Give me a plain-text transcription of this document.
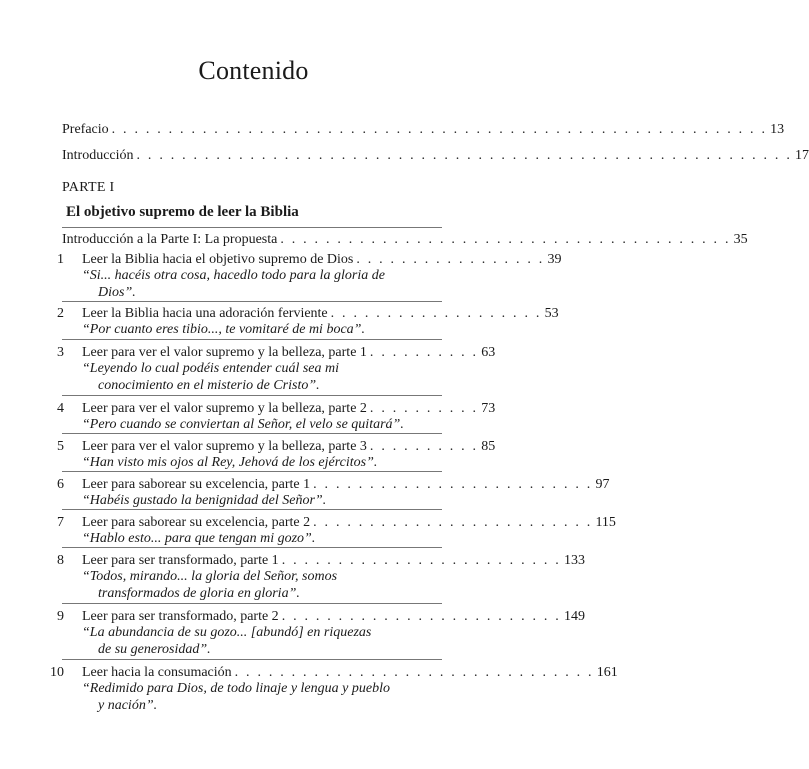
Contenido
Prefacio . . . . . . . . . . . . . . . . . . . . . . . . . . . . . . . . . . . . . . . . . . . . . . . . . . . . . . . . . . 13
Introducción . . . . . . . . . . . . . . . . . . . . . . . . . . . . . . . . . . . . . . . . . . . . . . . . . . . . . . . . . . 17
PARTE I
El objetivo supremo de leer la Biblia
Introducción a la Parte I: La propuesta . . . . . . . . . . . . . . . . . . . . . . . . . . . . . . . . . . . . . . . . 35
1 Leer la Biblia hacia el objetivo supremo de Dios . . . . . . . . . . . . . . . . . 39
“Si... hacéis otra cosa, hacedlo todo para la gloria de
Dios”.
2 Leer la Biblia hacia una adoración ferviente . . . . . . . . . . . . . . . . . . . 53
“Por cuanto eres tibio..., te vomitaré de mi boca”.
3 Leer para ver el valor supremo y la belleza, parte 1 . . . . . . . . . . 63
“Leyendo lo cual podéis entender cuál sea mi
conocimiento en el misterio de Cristo”.
4 Leer para ver el valor supremo y la belleza, parte 2 . . . . . . . . . . 73
“Pero cuando se conviertan al Señor, el velo se quitará”.
5 Leer para ver el valor supremo y la belleza, parte 3 . . . . . . . . . . 85
“Han visto mis ojos al Rey, Jehová de los ejércitos”.
6 Leer para saborear su excelencia, parte 1 . . . . . . . . . . . . . . . . . . . . . . . . . 97
“Habéis gustado la benignidad del Señor”.
7 Leer para saborear su excelencia, parte 2 . . . . . . . . . . . . . . . . . . . . . . . . . 115
“Hablo esto... para que tengan mi gozo”.
8 Leer para ser transformado, parte 1 . . . . . . . . . . . . . . . . . . . . . . . . . 133
“Todos, mirando... la gloria del Señor, somos
transformados de gloria en gloria”.
9 Leer para ser transformado, parte 2 . . . . . . . . . . . . . . . . . . . . . . . . . 149
“La abundancia de su gozo... [abundó] en riquezas
de su generosidad”.
10 Leer hacia la consumación . . . . . . . . . . . . . . . . . . . . . . . . . . . . . . . . 161
“Redimido para Dios, de todo linaje y lengua y pueblo
y nación”.
